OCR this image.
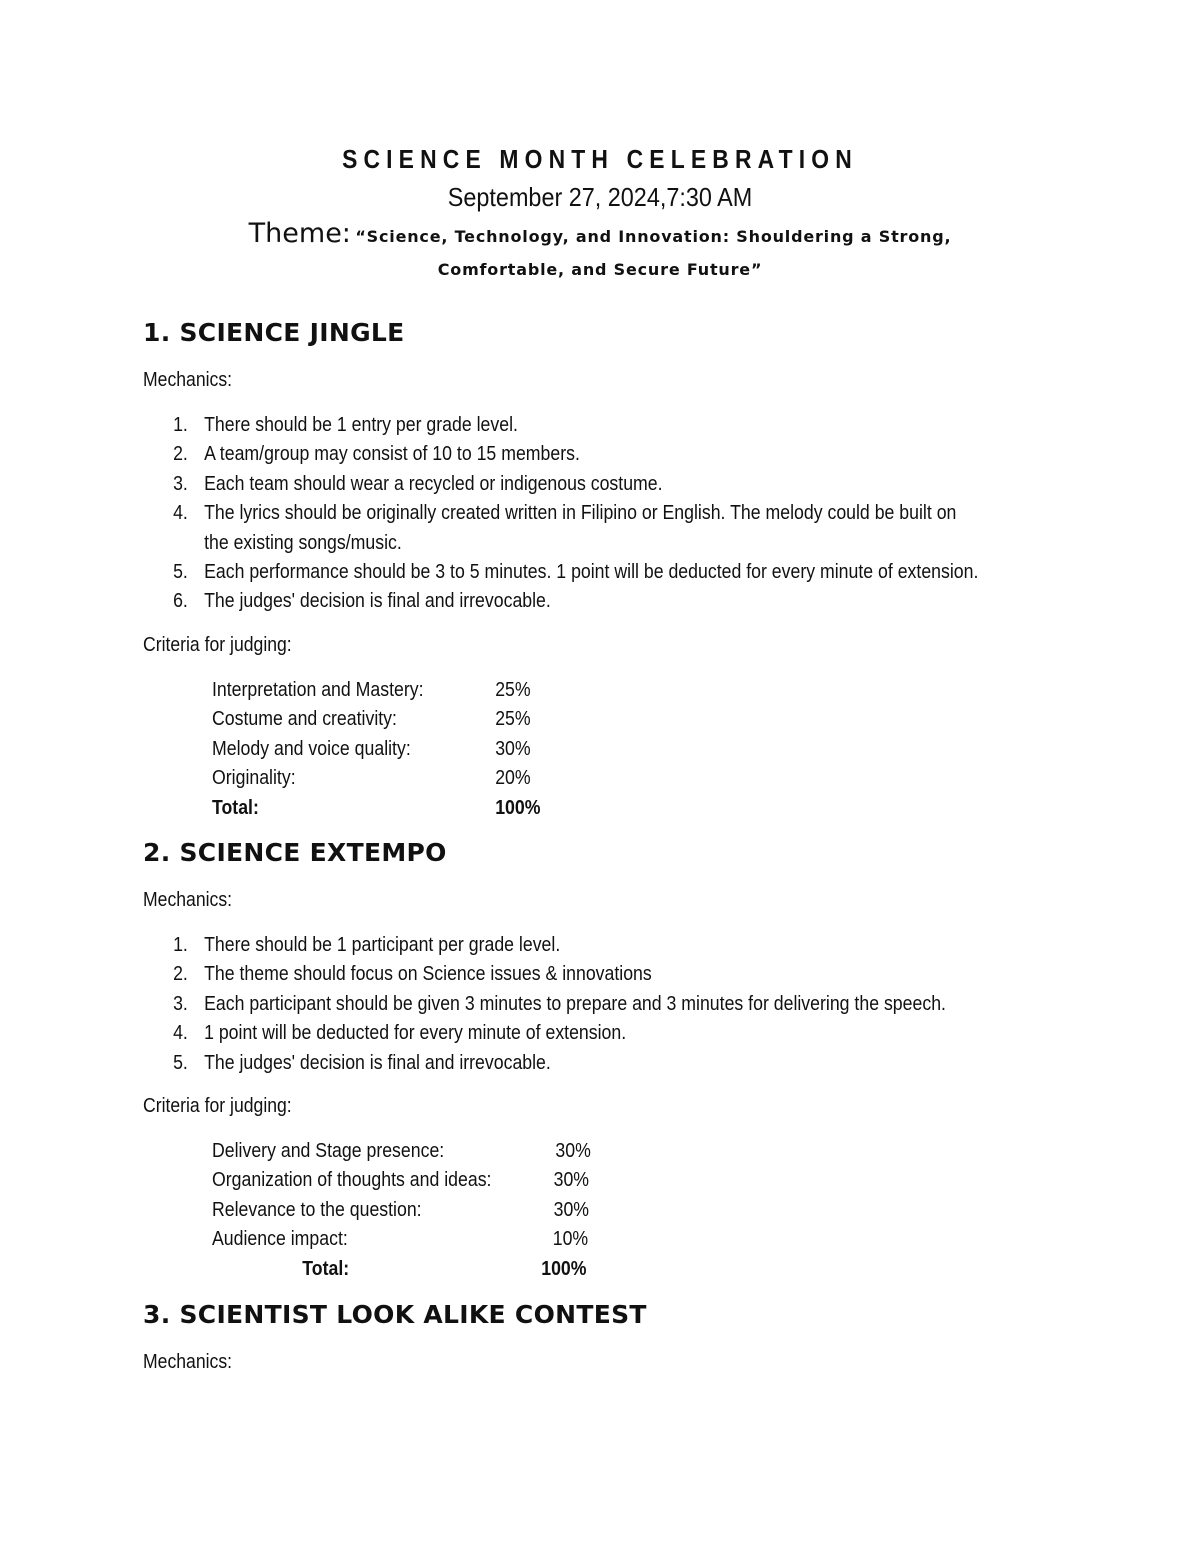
SCIENCE MONTH CELEBRATION

September 27, 2024,7:30 AM

Theme: “Science, Technology, and Innovation: Shouldering a Strong,

Comfortable, and Secure Future”

1. SCIENCE JINGLE

Mechanics:

1. There should be 1 entry per grade level.
2. A team/group may consist of 10 to 15 members.
3. Each team should wear a recycled or indigenous costume.
4. The lyrics should be originally created written in Filipino or English. The melody could be built on
the existing songs/music.
5. Each performance should be 3 to 5 minutes. 1 point will be deducted for every minute of extension.
6. The judges' decision is final and irrevocable.

Criteria for judging:

Interpretation and Mastery:	25%
Costume and creativity:	25%
Melody and voice quality:	30%
Originality:	20%
Total:	100%
2. SCIENCE EXTEMPO

Mechanics:

1. There should be 1 participant per grade level.
2. The theme should focus on Science issues & innovations
3. Each participant should be given 3 minutes to prepare and 3 minutes for delivering the speech.
4. 1 point will be deducted for every minute of extension.
5. The judges' decision is final and irrevocable.

Criteria for judging:

Delivery and Stage presence:	30%
Organization of thoughts and ideas:	30%
Relevance to the question:	30%
Audience impact:	10%
Total:	100%
3. SCIENTIST LOOK ALIKE CONTEST

Mechanics:
